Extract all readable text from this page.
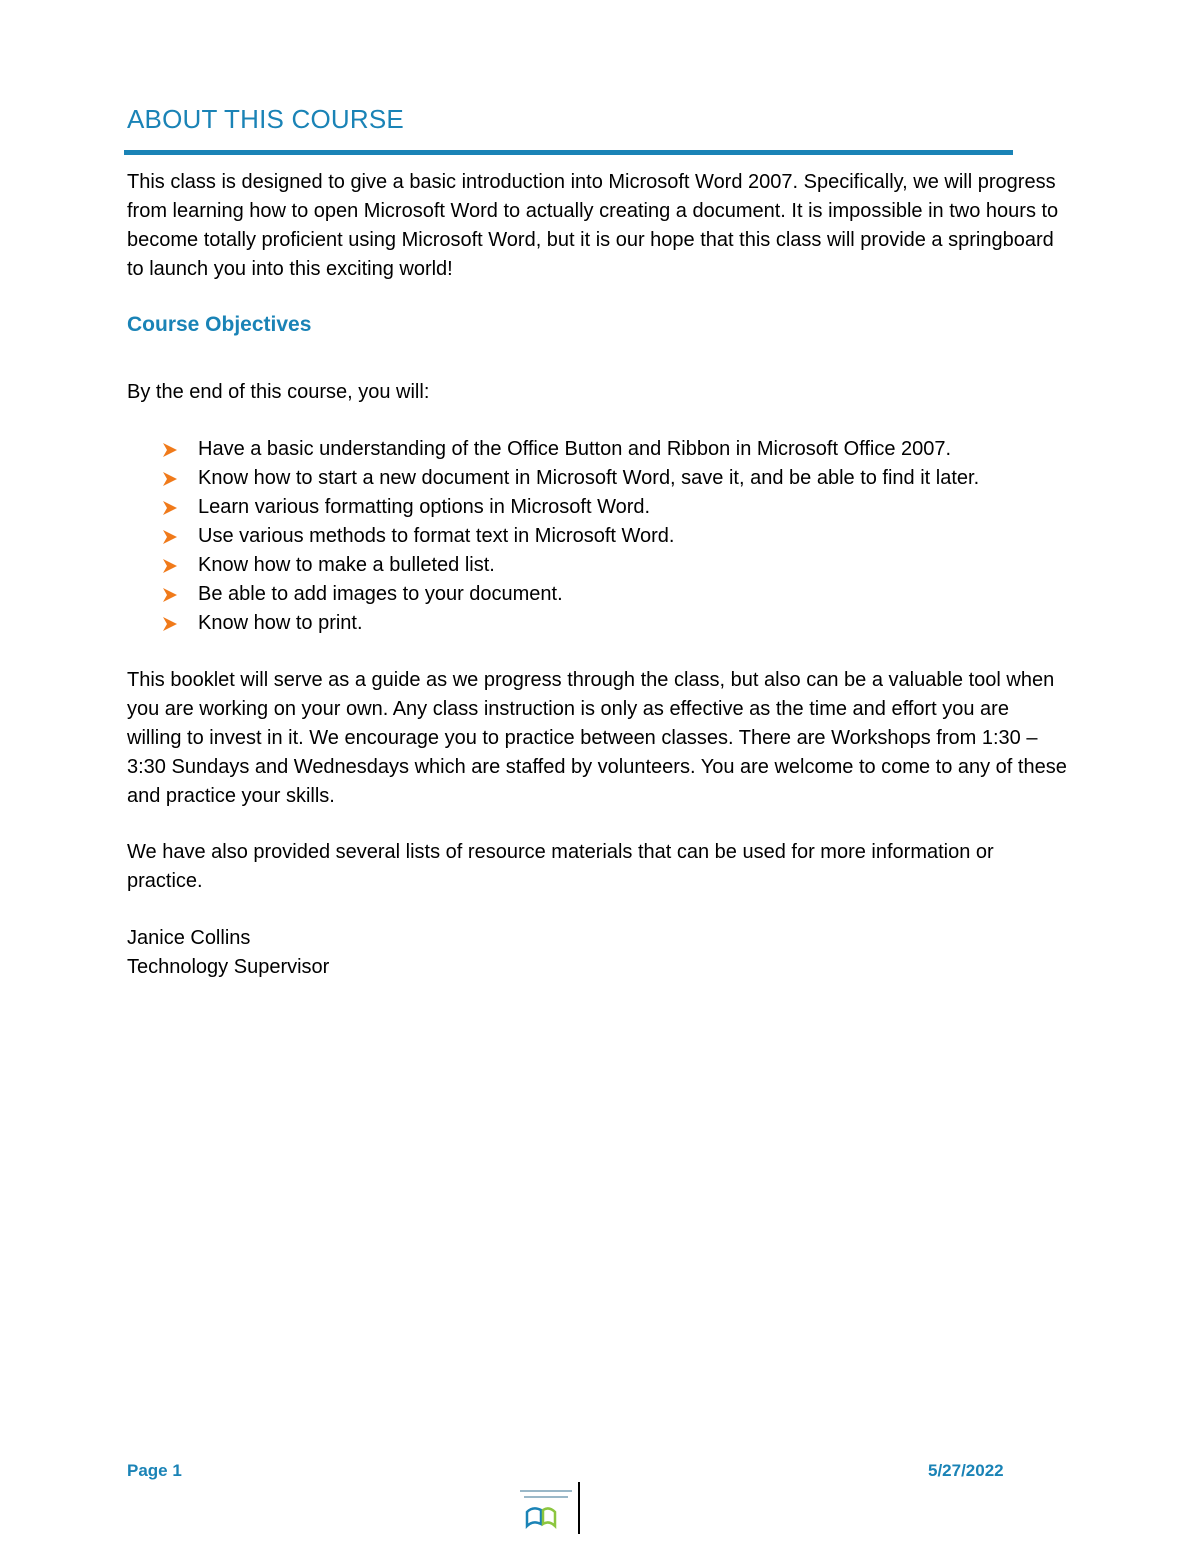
ABOUT THIS COURSE

This class is designed to give a basic introduction into Microsoft Word 2007. Specifically, we will progress from learning how to open Microsoft Word to actually creating a document. It is impossible in two hours to become totally proficient using Microsoft Word, but it is our hope that this class will provide a springboard to launch you into this exciting world!

Course Objectives

By the end of this course, you will:

Have a basic understanding of the Office Button and Ribbon in Microsoft Office 2007.
Know how to start a new document in Microsoft Word, save it, and be able to find it later.
Learn various formatting options in Microsoft Word.
Use various methods to format text in Microsoft Word.
Know how to make a bulleted list.
Be able to add images to your document.
Know how to print.

This booklet will serve as a guide as we progress through the class, but also can be a valuable tool when you are working on your own. Any class instruction is only as effective as the time and effort you are willing to invest in it. We encourage you to practice between classes. There are Workshops from 1:30 – 3:30 Sundays and Wednesdays which are staffed by volunteers. You are welcome to come to any of these and practice your skills.

We have also provided several lists of resource materials that can be used for more information or practice.

Janice Collins
Technology Supervisor
Page 1	5/27/2022
